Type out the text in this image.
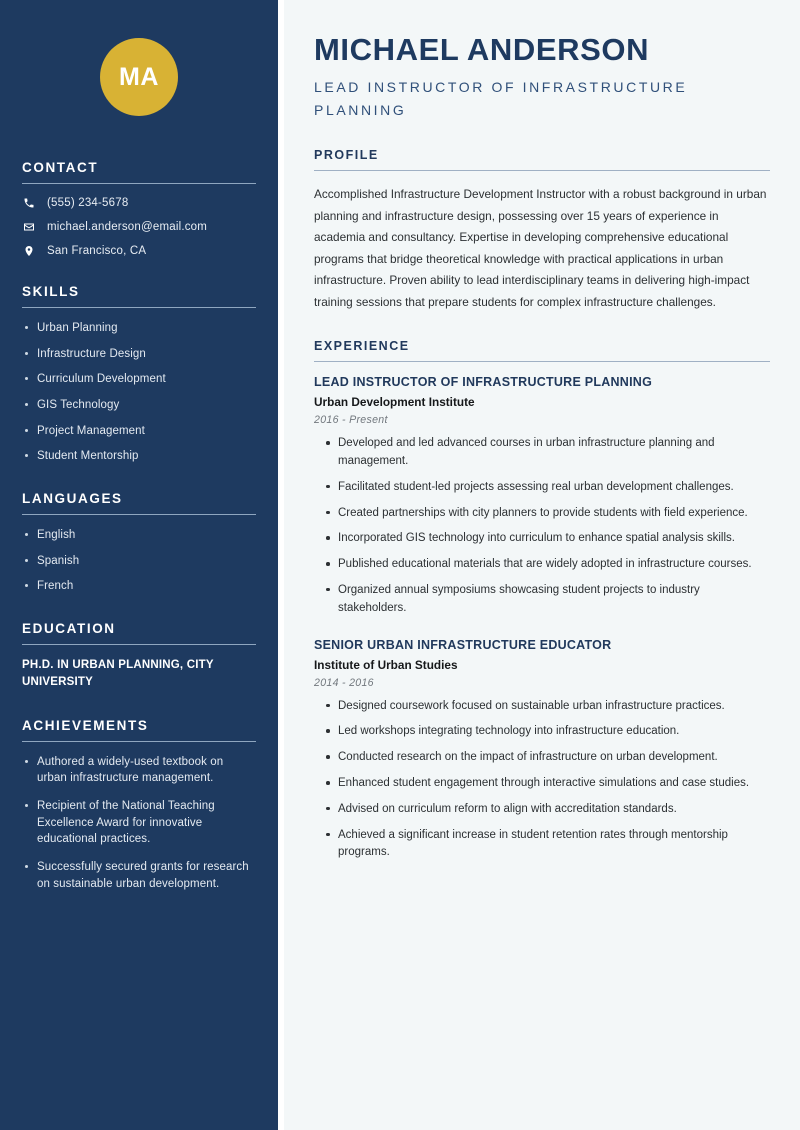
MA
CONTACT
(555) 234-5678
michael.anderson@email.com
San Francisco, CA
SKILLS
Urban Planning
Infrastructure Design
Curriculum Development
GIS Technology
Project Management
Student Mentorship
LANGUAGES
English
Spanish
French
EDUCATION
PH.D. IN URBAN PLANNING, CITY UNIVERSITY
ACHIEVEMENTS
Authored a widely-used textbook on urban infrastructure management.
Recipient of the National Teaching Excellence Award for innovative educational practices.
Successfully secured grants for research on sustainable urban development.
MICHAEL ANDERSON
LEAD INSTRUCTOR OF INFRASTRUCTURE PLANNING
PROFILE

Accomplished Infrastructure Development Instructor with a robust background in urban planning and infrastructure design, possessing over 15 years of experience in academia and consultancy. Expertise in developing comprehensive educational programs that bridge theoretical knowledge with practical applications in urban infrastructure. Proven ability to lead interdisciplinary teams in delivering high-impact training sessions that prepare students for complex infrastructure challenges.

EXPERIENCE
LEAD INSTRUCTOR OF INFRASTRUCTURE PLANNING
Urban Development Institute
2016 - Present
Developed and led advanced courses in urban infrastructure planning and management.
Facilitated student-led projects assessing real urban development challenges.
Created partnerships with city planners to provide students with field experience.
Incorporated GIS technology into curriculum to enhance spatial analysis skills.
Published educational materials that are widely adopted in infrastructure courses.
Organized annual symposiums showcasing student projects to industry stakeholders.
SENIOR URBAN INFRASTRUCTURE EDUCATOR
Institute of Urban Studies
2014 - 2016
Designed coursework focused on sustainable urban infrastructure practices.
Led workshops integrating technology into infrastructure education.
Conducted research on the impact of infrastructure on urban development.
Enhanced student engagement through interactive simulations and case studies.
Advised on curriculum reform to align with accreditation standards.
Achieved a significant increase in student retention rates through mentorship programs.
